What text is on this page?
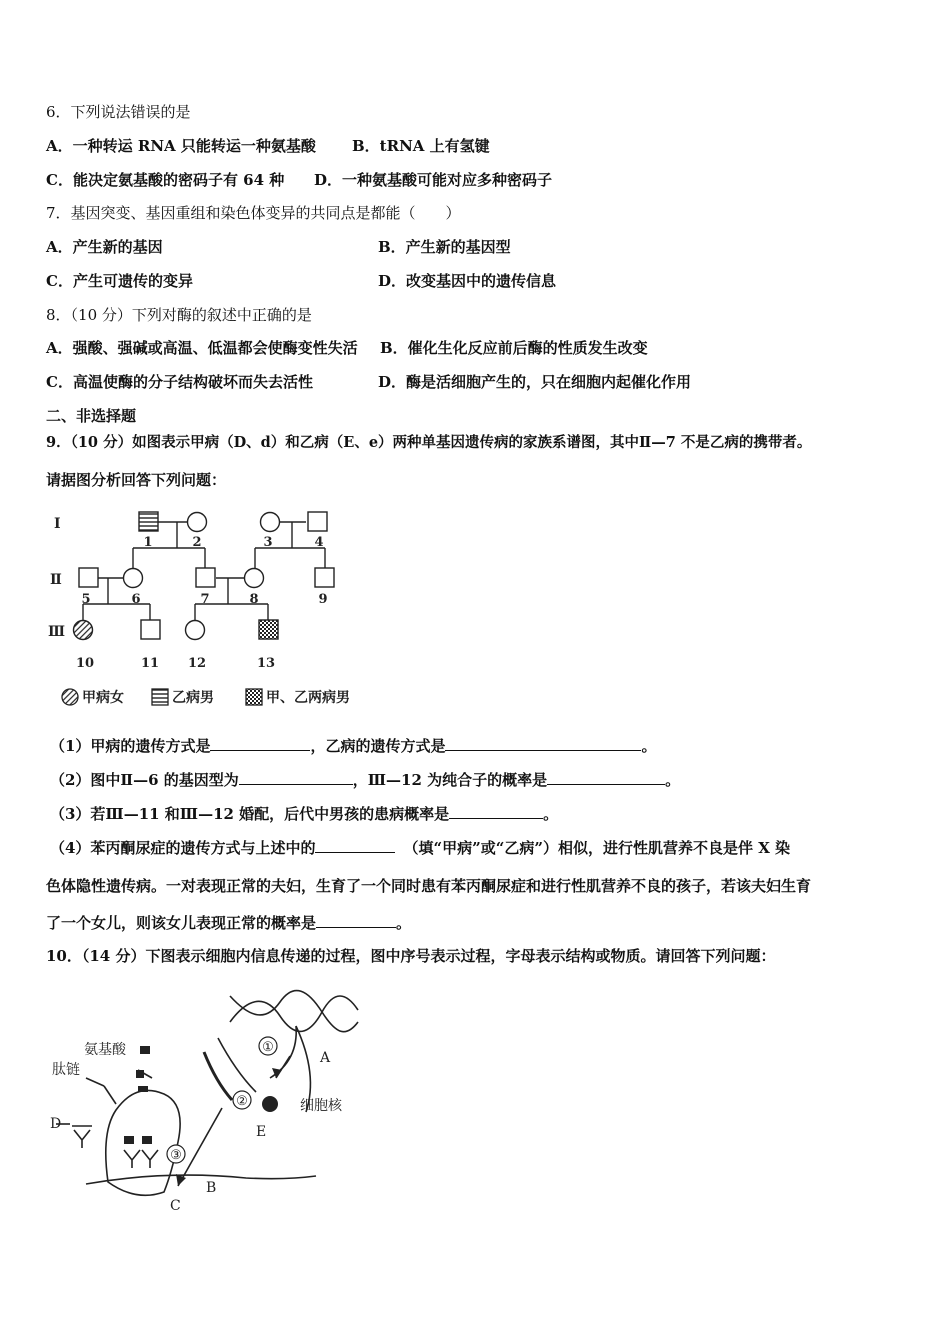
6．下列说法错误的是
A．一种转运 RNA 只能转运一种氨基酸 B．tRNA 上有氢键
C．能决定氨基酸的密码子有 64 种 D．一种氨基酸可能对应多种密码子
7．基因突变、基因重组和染色体变异的共同点是都能（　　）
A．产生新的基因	B．产生新的基因型
C．产生可遗传的变异	D．改变基因中的遗传信息
8．（10 分）下列对酶的叙述中正确的是
A．强酸、强碱或高温、低温都会使酶变性失活 B．催化生化反应前后酶的性质发生改变
C．高温使酶的分子结构破坏而失去活性	D．酶是活细胞产生的，只在细胞内起催化作用
二、非选择题
9．（10 分）如图表示甲病（D、d）和乙病（E、e）两种单基因遗传病的家族系谱图，其中Ⅱ—7 不是乙病的携带者。
请据图分析回答下列问题：
Ⅰ
Ⅱ
Ⅲ
1	2	3	4
5	6	7	8	9
10	11 12	13
甲病女	乙病男	甲、乙两病男
（1）甲病的遗传方式是	，乙病的遗传方式是	。
（2）图中Ⅱ—6 的基因型为	，Ⅲ—12 为纯合子的概率是	。
（3）若Ⅲ—11 和Ⅲ—12 婚配，后代中男孩的患病概率是	。
（4）苯丙酮尿症的遗传方式与上述中的	（填“甲病”或“乙病”）相似，进行性肌营养不良是伴 X 染
色体隐性遗传病。一对表现正常的夫妇，生育了一个同时患有苯丙酮尿症和进行性肌营养不良的孩子，若该夫妇生育
了一个女儿，则该女儿表现正常的概率是	。
10．（14 分）下图表示细胞内信息传递的过程，图中序号表示过程，字母表示结构或物质。请回答下列问题：
①
②
③
氨基酸
肽链
细胞核
A
B
C
D	E
